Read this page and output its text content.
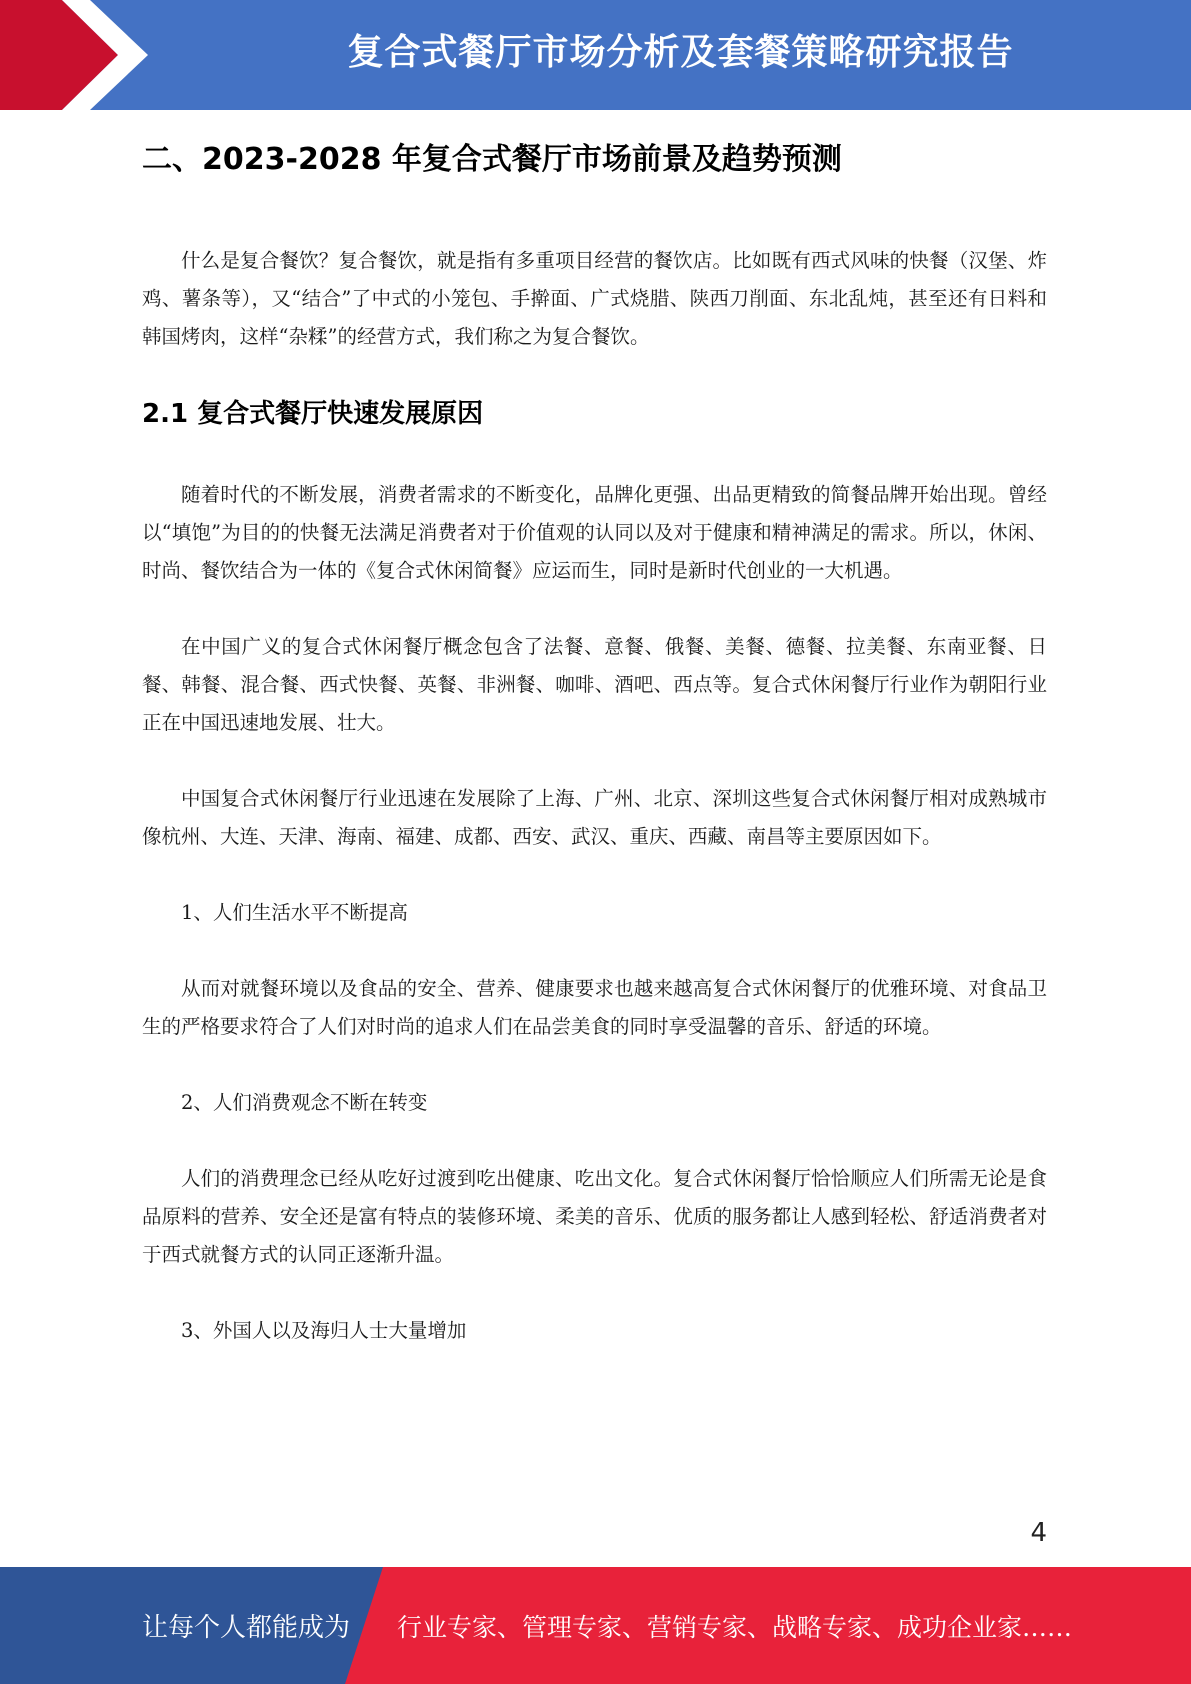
复合式餐厅市场分析及套餐策略研究报告
二、2023-2028 年复合式餐厅市场前景及趋势预测

什么是复合餐饮？复合餐饮，就是指有多重项目经营的餐饮店。比如既有西式风味的快餐（汉堡、炸鸡、薯条等），又“结合”了中式的小笼包、手擀面、广式烧腊、陕西刀削面、东北乱炖，甚至还有日料和韩国烤肉，这样“杂糅”的经营方式，我们称之为复合餐饮。

2.1 复合式餐厅快速发展原因

随着时代的不断发展，消费者需求的不断变化，品牌化更强、出品更精致的简餐品牌开始出现。曾经以“填饱”为目的的快餐无法满足消费者对于价值观的认同以及对于健康和精神满足的需求。所以，休闲、时尚、餐饮结合为一体的《复合式休闲简餐》应运而生，同时是新时代创业的一大机遇。

在中国广义的复合式休闲餐厅概念包含了法餐、意餐、俄餐、美餐、德餐、拉美餐、东南亚餐、日餐、韩餐、混合餐、西式快餐、英餐、非洲餐、咖啡、酒吧、西点等。复合式休闲餐厅行业作为朝阳行业正在中国迅速地发展、壮大。

中国复合式休闲餐厅行业迅速在发展除了上海、广州、北京、深圳这些复合式休闲餐厅相对成熟城市像杭州、大连、天津、海南、福建、成都、西安、武汉、重庆、西藏、南昌等主要原因如下。

1、人们生活水平不断提高

从而对就餐环境以及食品的安全、营养、健康要求也越来越高复合式休闲餐厅的优雅环境、对食品卫生的严格要求符合了人们对时尚的追求人们在品尝美食的同时享受温馨的音乐、舒适的环境。

2、人们消费观念不断在转变

人们的消费理念已经从吃好过渡到吃出健康、吃出文化。复合式休闲餐厅恰恰顺应人们所需无论是食品原料的营养、安全还是富有特点的装修环境、柔美的音乐、优质的服务都让人感到轻松、舒适消费者对于西式就餐方式的认同正逐渐升温。

3、外国人以及海归人士大量增加

4
让每个人都能成为 行业专家、管理专家、营销专家、战略专家、成功企业家……
